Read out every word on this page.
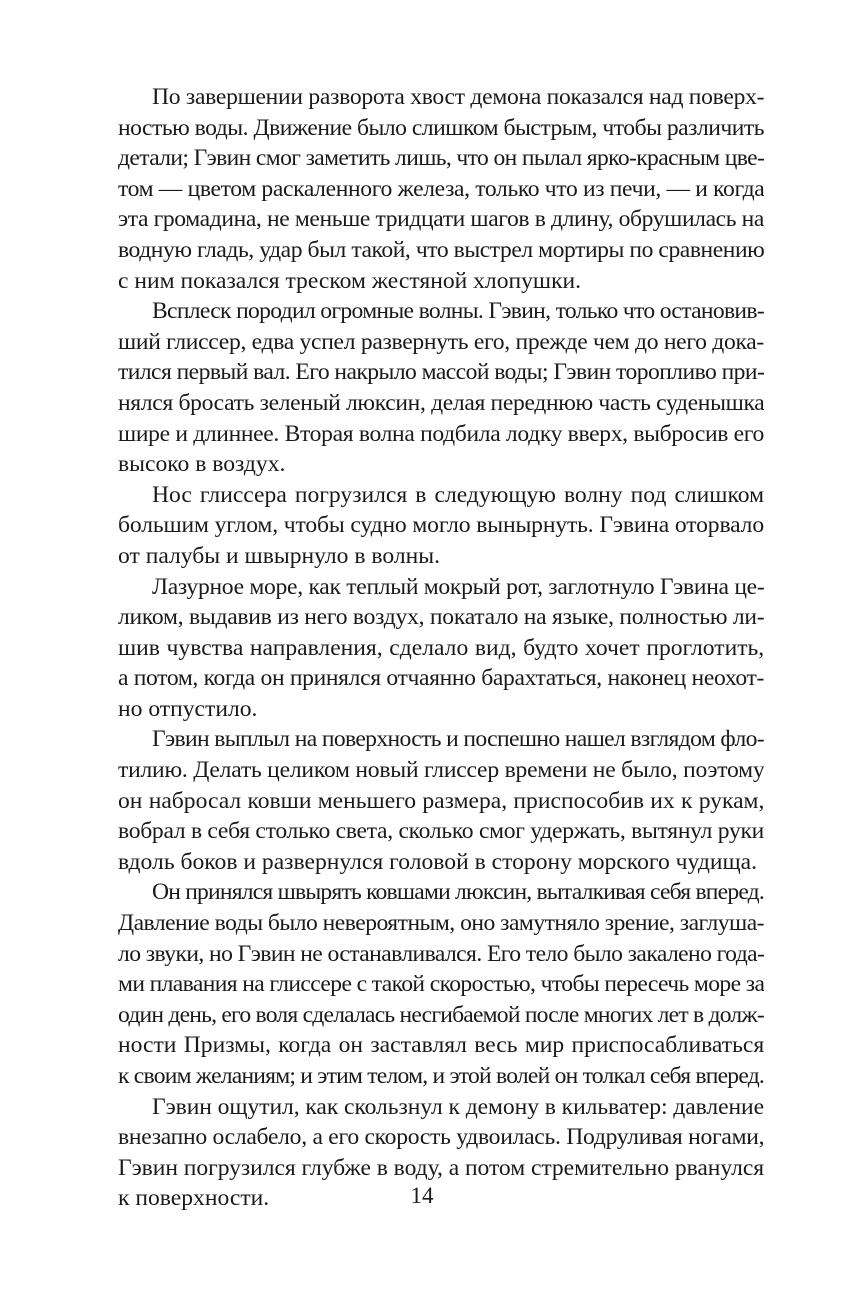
По завершении разворота хвост демона показался над поверх-
ностью воды. Движение было слишком быстрым, чтобы различить
детали; Гэвин смог заметить лишь, что он пылал ярко-красным цве-
том — цветом раскаленного железа, только что из печи, — и когда
эта громадина, не меньше тридцати шагов в длину, обрушилась на
водную гладь, удар был такой, что выстрел мортиры по сравнению
с ним показался треском жестяной хлопушки.

Всплеск породил огромные волны. Гэвин, только что остановив-
ший глиссер, едва успел развернуть его, прежде чем до него дока-
тился первый вал. Его накрыло массой воды; Гэвин торопливо при-
нялся бросать зеленый люксин, делая переднюю часть суденышка
шире и длиннее. Вторая волна подбила лодку вверх, выбросив его
высоко в воздух.

Нос глиссера погрузился в следующую волну под слишком
большим углом, чтобы судно могло вынырнуть. Гэвина оторвало
от палубы и швырнуло в волны.

Лазурное море, как теплый мокрый рот, заглотнуло Гэвина це-
ликом, выдавив из него воздух, покатало на языке, полностью ли-
шив чувства направления, сделало вид, будто хочет проглотить,
а потом, когда он принялся отчаянно барахтаться, наконец неохот-
но отпустило.

Гэвин выплыл на поверхность и поспешно нашел взглядом фло-
тилию. Делать целиком новый глиссер времени не было, поэтому
он набросал ковши меньшего размера, приспособив их к рукам,
вобрал в себя столько света, сколько смог удержать, вытянул руки
вдоль боков и развернулся головой в сторону морского чудища.

Он принялся швырять ковшами люксин, выталкивая себя вперед.
Давление воды было невероятным, оно замутняло зрение, заглуша-
ло звуки, но Гэвин не останавливался. Его тело было закалено года-
ми плавания на глиссере с такой скоростью, чтобы пересечь море за
один день, его воля сделалась несгибаемой после многих лет в долж-
ности Призмы, когда он заставлял весь мир приспосабливаться
к своим желаниям; и этим телом, и этой волей он толкал себя вперед.

Гэвин ощутил, как скользнул к демону в кильватер: давление
внезапно ослабело, а его скорость удвоилась. Подруливая ногами,
Гэвин погрузился глубже в воду, а потом стремительно рванулся
к поверхности.	14
